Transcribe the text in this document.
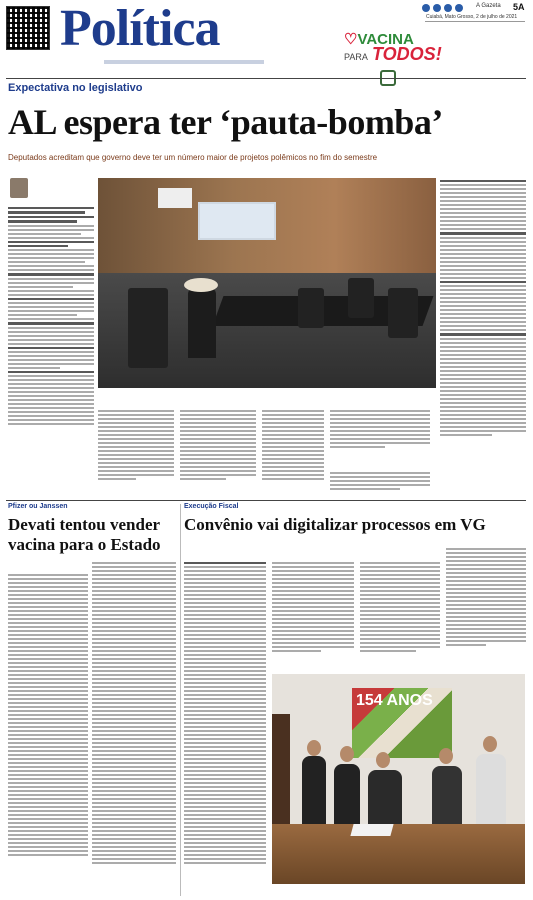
Política	A Gazeta 5A
Cuiabá, Mato Grosso, 2 de julho de 2021
♡VACINA
PARA TODOS!
Expectativa no legislativo
AL espera ter ‘pauta-bomba’
Deputados acreditam que governo deve ter um número maior de projetos polêmicos no fim do semestre
Pfizer ou Janssen
Devati tentou vender vacina para o Estado
Execução Fiscal
Convênio vai digitalizar processos em VG
154 ANOS
